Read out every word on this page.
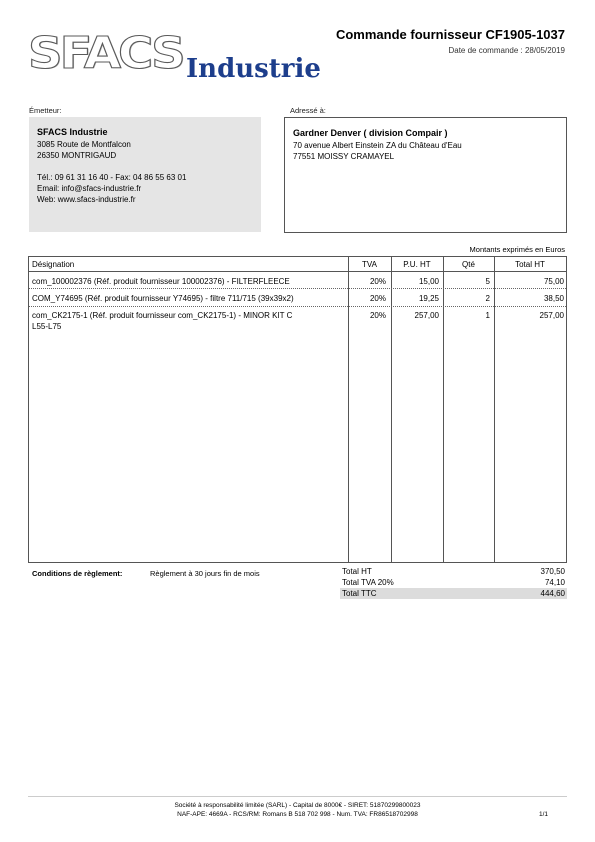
SFACS Industrie
Commande fournisseur CF1905-1037
Date de commande : 28/05/2019
Émetteur:	Adressé à:
SFACS Industrie
3085 Route de Montfalcon
26350 MONTRIGAUD
Tél.: 09 61 31 16 40 - Fax: 04 86 55 63 01
Email: info@sfacs-industrie.fr
Web: www.sfacs-industrie.fr
Gardner Denver ( division Compair )
70 avenue Albert Einstein ZA du Château d'Eau
77551 MOISSY CRAMAYEL
Montants exprimés en Euros
Désignation	TVA	P.U. HT	Qté	Total HT
com_100002376 (Réf. produit fournisseur 100002376) - FILTERFLEECE	20%	15,00	5	75,00
COM_Y74695 (Réf. produit fournisseur Y74695) - filtre 711/715 (39x39x2)	20%	19,25	2	38,50
com_CK2175-1 (Réf. produit fournisseur com_CK2175-1) - MINOR KIT C
L55-L75
20%	257,00	1	257,00
Conditions de règlement:	Règlement à 30 jours fin de mois	Total HT	370,50
Total TVA 20%	74,10
Total TTC	444,60
Société à responsabilité limitée (SARL) - Capital de 8000€ - SIRET: 51870299800023
NAF-APE: 4669A - RCS/RM: Romans B 518 702 998 - Num. TVA: FR86518702998	1/1
